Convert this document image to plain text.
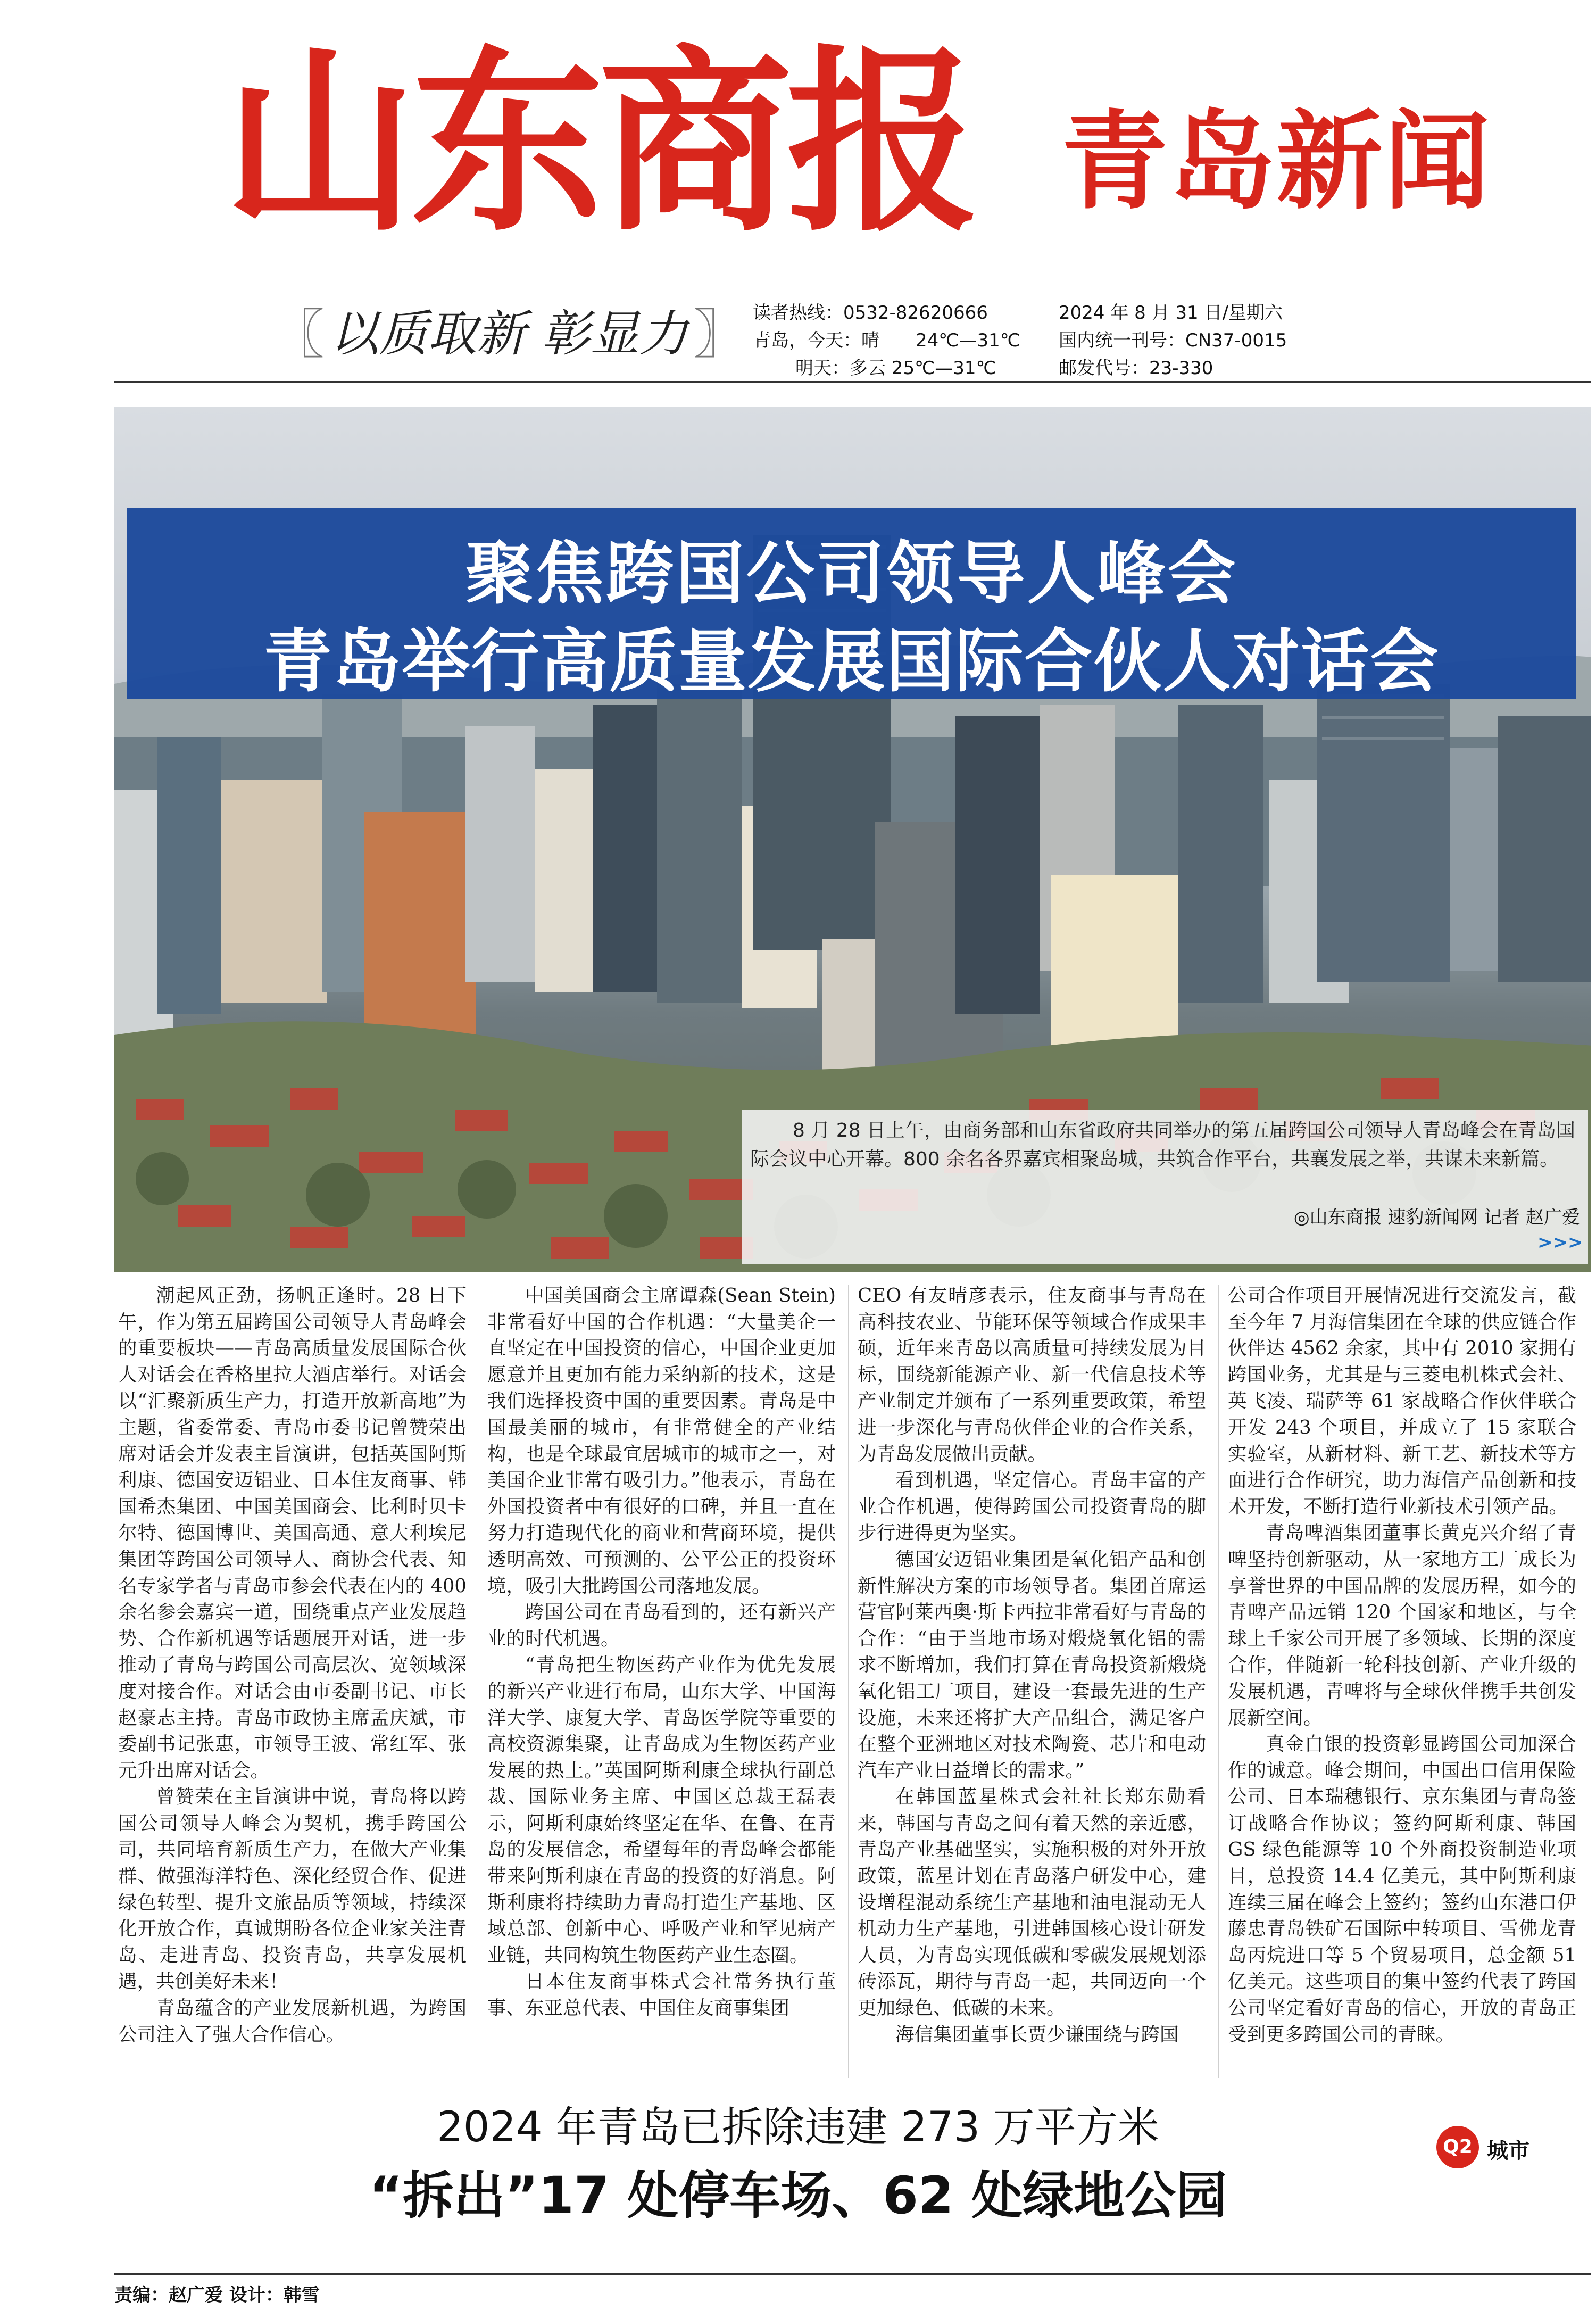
山东商报 青岛新闻
〖 以质取新 彰显力 〗 读者热线：0532-82620666
青岛，今天：晴　　24℃—31℃
明天：多云 25℃—31℃
2024 年 8 月 31 日/星期六
国内统一刊号：CN37-0015
邮发代号：23-330
聚焦跨国公司领导人峰会
青岛举行高质量发展国际合伙人对话会
8 月 28 日上午，由商务部和山东省政府共同举办的第五届跨国公司领导人青岛峰会在青岛国际会议中心开幕。800 余名各界嘉宾相聚岛城，共筑合作平台，共襄发展之举，共谋未来新篇。
◎山东商报 速豹新闻网 记者 赵广爱
>>>

潮起风正劲，扬帆正逢时。28 日下午，作为第五届跨国公司领导人青岛峰会的重要板块——青岛高质量发展国际合伙人对话会在香格里拉大酒店举行。对话会以“汇聚新质生产力，打造开放新高地”为主题，省委常委、青岛市委书记曾赞荣出席对话会并发表主旨演讲，包括英国阿斯利康、德国安迈铝业、日本住友商事、韩国希杰集团、中国美国商会、比利时贝卡尔特、德国博世、美国高通、意大利埃尼集团等跨国公司领导人、商协会代表、知名专家学者与青岛市参会代表在内的 400 余名参会嘉宾一道，围绕重点产业发展趋势、合作新机遇等话题展开对话，进一步推动了青岛与跨国公司高层次、宽领域深度对接合作。对话会由市委副书记、市长赵豪志主持。青岛市政协主席孟庆斌，市委副书记张惠，市领导王波、常红军、张元升出席对话会。

曾赞荣在主旨演讲中说，青岛将以跨国公司领导人峰会为契机，携手跨国公司，共同培育新质生产力，在做大产业集群、做强海洋特色、深化经贸合作、促进绿色转型、提升文旅品质等领域，持续深化开放合作，真诚期盼各位企业家关注青岛、走进青岛、投资青岛，共享发展机遇，共创美好未来！

青岛蕴含的产业发展新机遇，为跨国公司注入了强大合作信心。

中国美国商会主席谭森(Sean Stein)非常看好中国的合作机遇：“大量美企一直坚定在中国投资的信心，中国企业更加愿意并且更加有能力采纳新的技术，这是我们选择投资中国的重要因素。青岛是中国最美丽的城市，有非常健全的产业结构，也是全球最宜居城市的城市之一，对美国企业非常有吸引力。”他表示，青岛在外国投资者中有很好的口碑，并且一直在努力打造现代化的商业和营商环境，提供透明高效、可预测的、公平公正的投资环境，吸引大批跨国公司落地发展。

跨国公司在青岛看到的，还有新兴产业的时代机遇。

“青岛把生物医药产业作为优先发展的新兴产业进行布局，山东大学、中国海洋大学、康复大学、青岛医学院等重要的高校资源集聚，让青岛成为生物医药产业发展的热土。”英国阿斯利康全球执行副总裁、国际业务主席、中国区总裁王磊表示，阿斯利康始终坚定在华、在鲁、在青岛的发展信念，希望每年的青岛峰会都能带来阿斯利康在青岛的投资的好消息。阿斯利康将持续助力青岛打造生产基地、区域总部、创新中心、呼吸产业和罕见病产业链，共同构筑生物医药产业生态圈。

日本住友商事株式会社常务执行董事、东亚总代表、中国住友商事集团

CEO 有友晴彦表示，住友商事与青岛在高科技农业、节能环保等领域合作成果丰硕，近年来青岛以高质量可持续发展为目标，围绕新能源产业、新一代信息技术等产业制定并颁布了一系列重要政策，希望进一步深化与青岛伙伴企业的合作关系，为青岛发展做出贡献。

看到机遇，坚定信心。青岛丰富的产业合作机遇，使得跨国公司投资青岛的脚步行进得更为坚实。

德国安迈铝业集团是氧化铝产品和创新性解决方案的市场领导者。集团首席运营官阿莱西奥·斯卡西拉非常看好与青岛的合作：“由于当地市场对煅烧氧化铝的需求不断增加，我们打算在青岛投资新煅烧氧化铝工厂项目，建设一套最先进的生产设施，未来还将扩大产品组合，满足客户在整个亚洲地区对技术陶瓷、芯片和电动汽车产业日益增长的需求。”

在韩国蓝星株式会社社长郑东勋看来，韩国与青岛之间有着天然的亲近感，青岛产业基础坚实，实施积极的对外开放政策，蓝星计划在青岛落户研发中心，建设增程混动系统生产基地和油电混动无人机动力生产基地，引进韩国核心设计研发人员，为青岛实现低碳和零碳发展规划添砖添瓦，期待与青岛一起，共同迈向一个更加绿色、低碳的未来。

海信集团董事长贾少谦围绕与跨国

公司合作项目开展情况进行交流发言，截至今年 7 月海信集团在全球的供应链合作伙伴达 4562 余家，其中有 2010 家拥有跨国业务，尤其是与三菱电机株式会社、英飞凌、瑞萨等 61 家战略合作伙伴联合开发 243 个项目，并成立了 15 家联合实验室，从新材料、新工艺、新技术等方面进行合作研究，助力海信产品创新和技术开发，不断打造行业新技术引领产品。

青岛啤酒集团董事长黄克兴介绍了青啤坚持创新驱动，从一家地方工厂成长为享誉世界的中国品牌的发展历程，如今的青啤产品远销 120 个国家和地区，与全球上千家公司开展了多领域、长期的深度合作，伴随新一轮科技创新、产业升级的发展机遇，青啤将与全球伙伴携手共创发展新空间。

真金白银的投资彰显跨国公司加深合作的诚意。峰会期间，中国出口信用保险公司、日本瑞穗银行、京东集团与青岛签订战略合作协议；签约阿斯利康、韩国 GS 绿色能源等 10 个外商投资制造业项目，总投资 14.4 亿美元，其中阿斯利康连续三届在峰会上签约；签约山东港口伊藤忠青岛铁矿石国际中转项目、雪佛龙青岛丙烷进口等 5 个贸易项目，总金额 51 亿美元。这些项目的集中签约代表了跨国公司坚定看好青岛的信心，开放的青岛正受到更多跨国公司的青睐。

2024 年青岛已拆除违建 273 万平方米
“拆出”17 处停车场、62 处绿地公园
Q2 城市
责编：赵广爱 设计：韩雪
